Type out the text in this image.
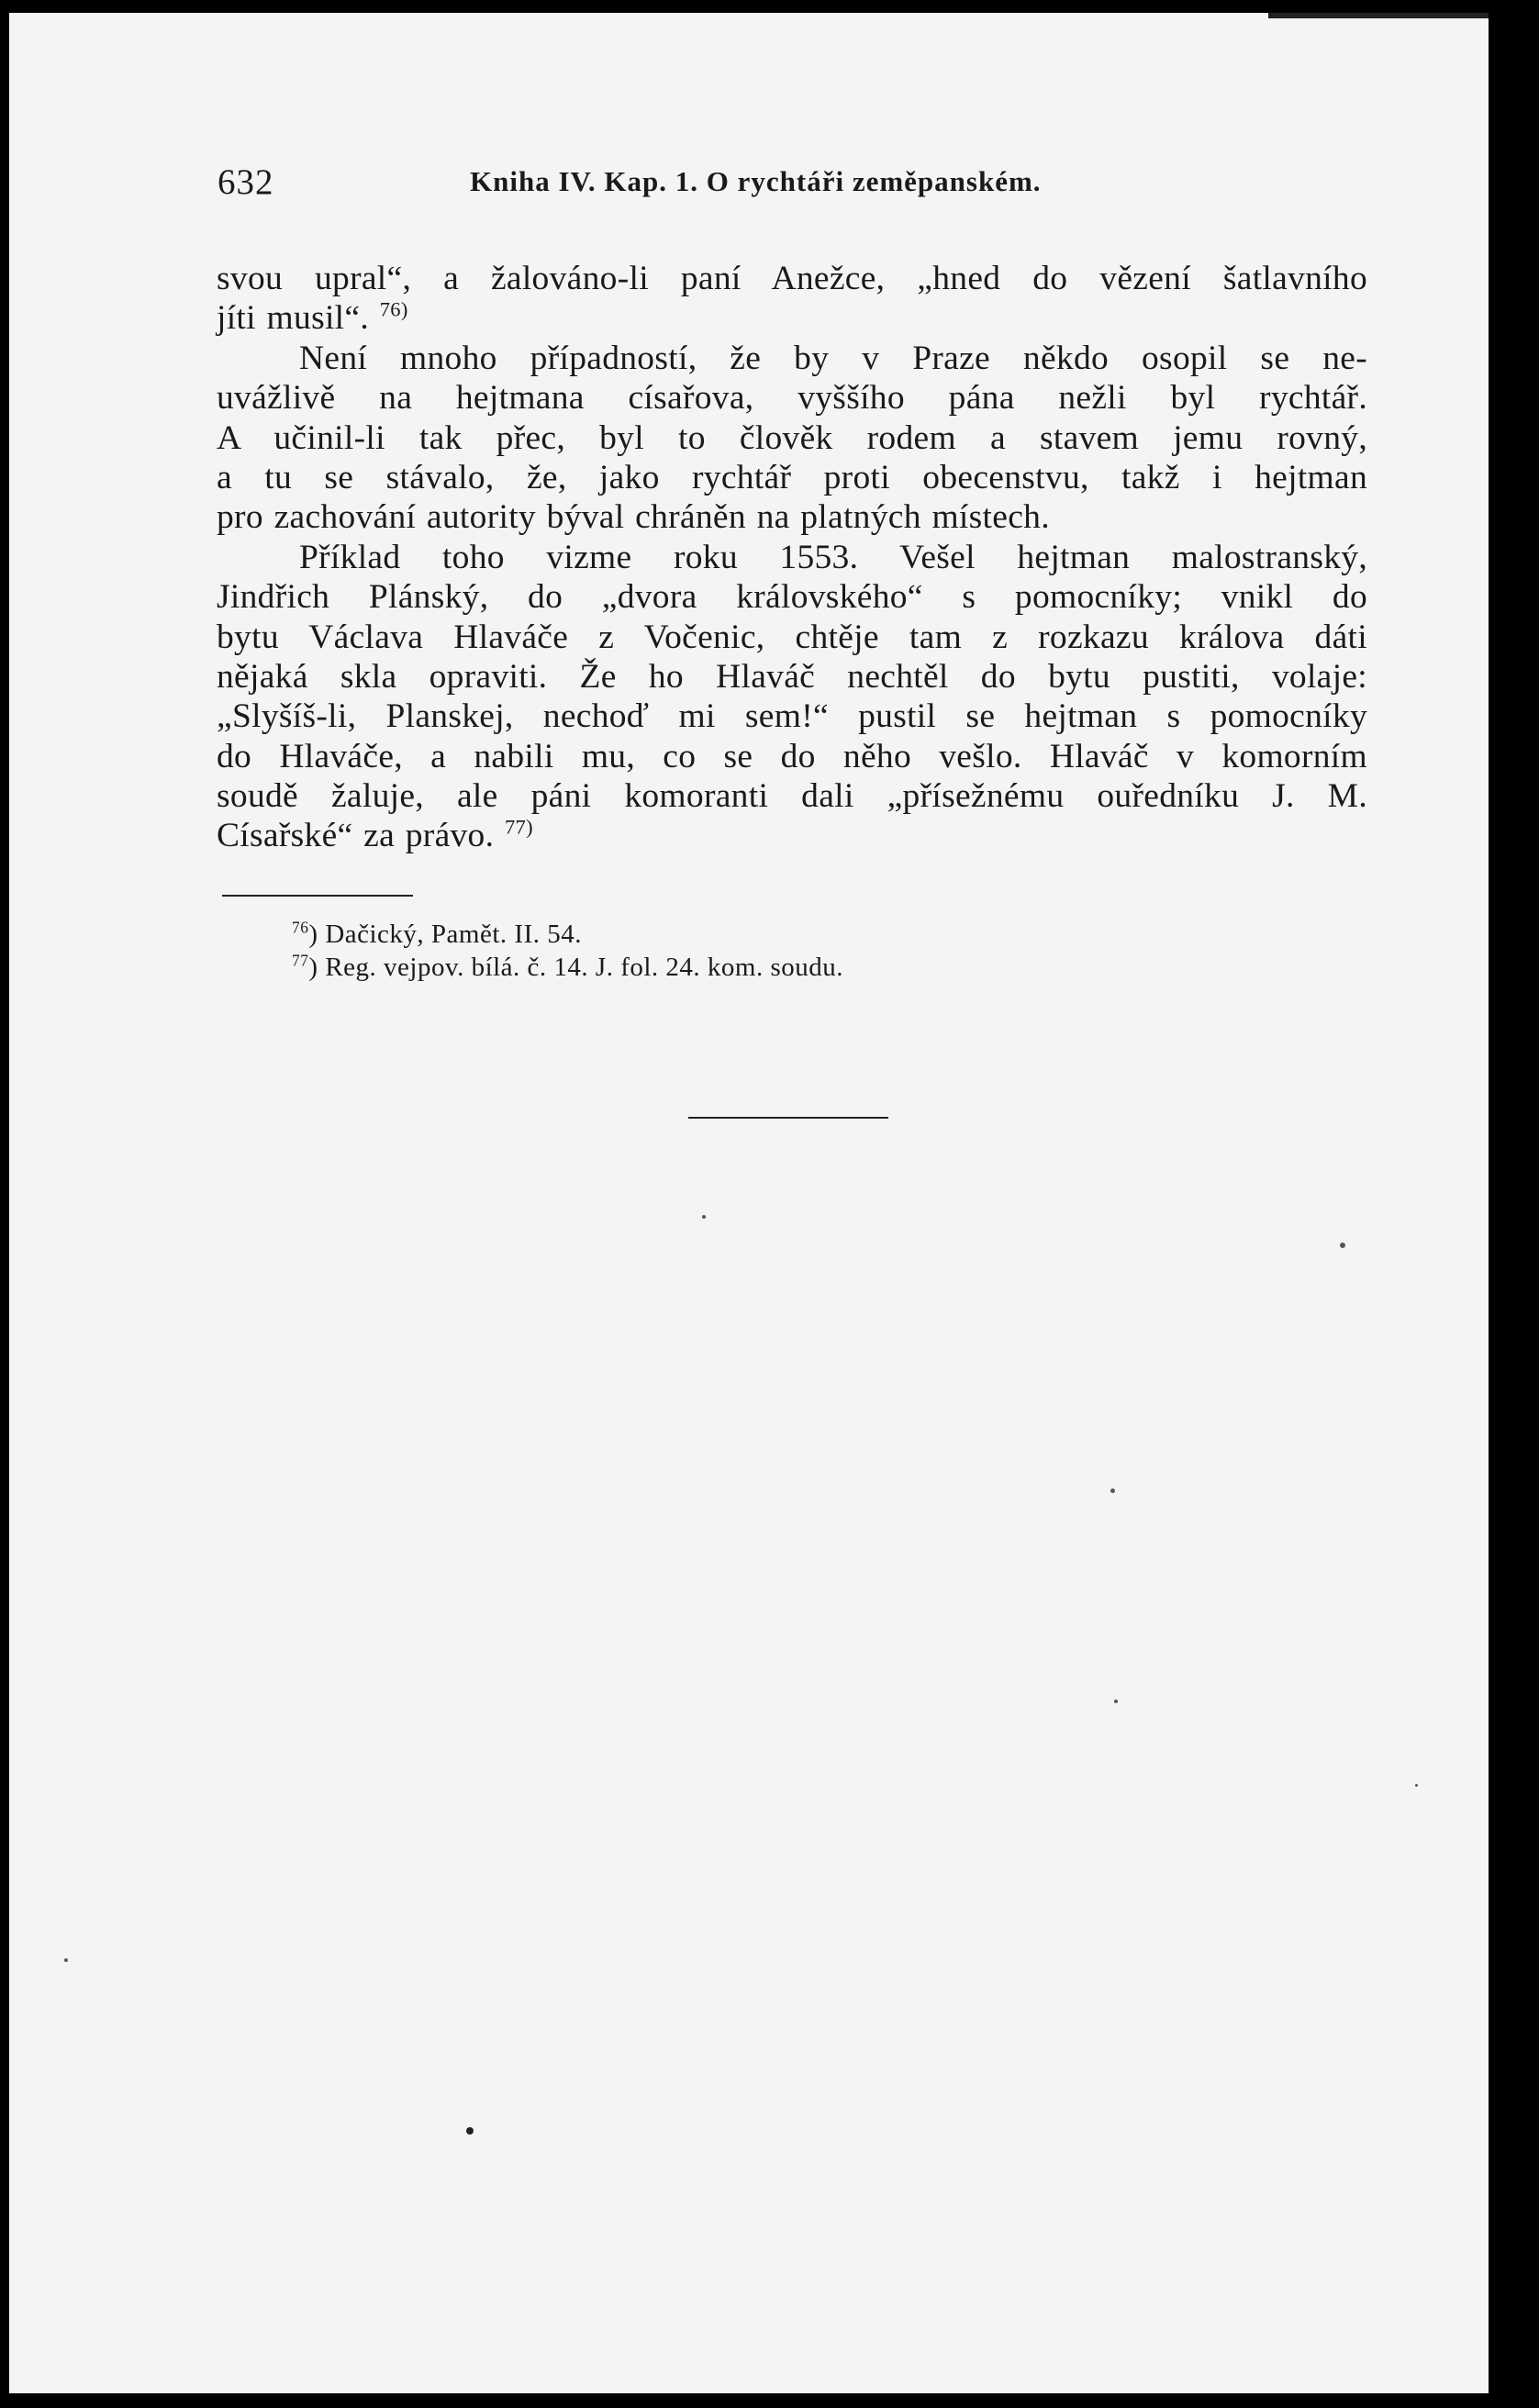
632	Kniha IV. Kap. 1. O rychtáři zeměpanském.
svou upral“, a žalováno-li paní Anežce, „hned do vězení šatlavního
jíti musil“. $^{76)}$
Není mnoho případností, že by v Praze někdo osopil se ne-
uvážlivě na hejtmana císařova, vyššího pána nežli byl rychtář.
A učinil-li tak přec, byl to člověk rodem a stavem jemu rovný,
a tu se stávalo, že, jako rychtář proti obecenstvu, takž i hejtman
pro zachování autority býval chráněn na platných místech.
Příklad toho vizme roku 1553. Vešel hejtman malostranský,
Jindřich Plánský, do „dvora královského“ s pomocníky; vnikl do
bytu Václava Hlaváče z Vočenic, chtěje tam z rozkazu králova dáti
nějaká skla opraviti. Že ho Hlaváč nechtěl do bytu pustiti, volaje:
„Slyšíš-li, Planskej, nechoď mi sem!“ pustil se hejtman s pomocníky
do Hlaváče, a nabili mu, co se do něho vešlo. Hlaváč v komorním
soudě žaluje, ale páni komoranti dali „přísežnému ouředníku J. M.
Císařské“ za právo. $^{77)}$
$^{76}$) Dačický, Pamět. II. 54.
$^{77}$) Reg. vejpov. bílá. č. 14. J. fol. 24. kom. soudu.
